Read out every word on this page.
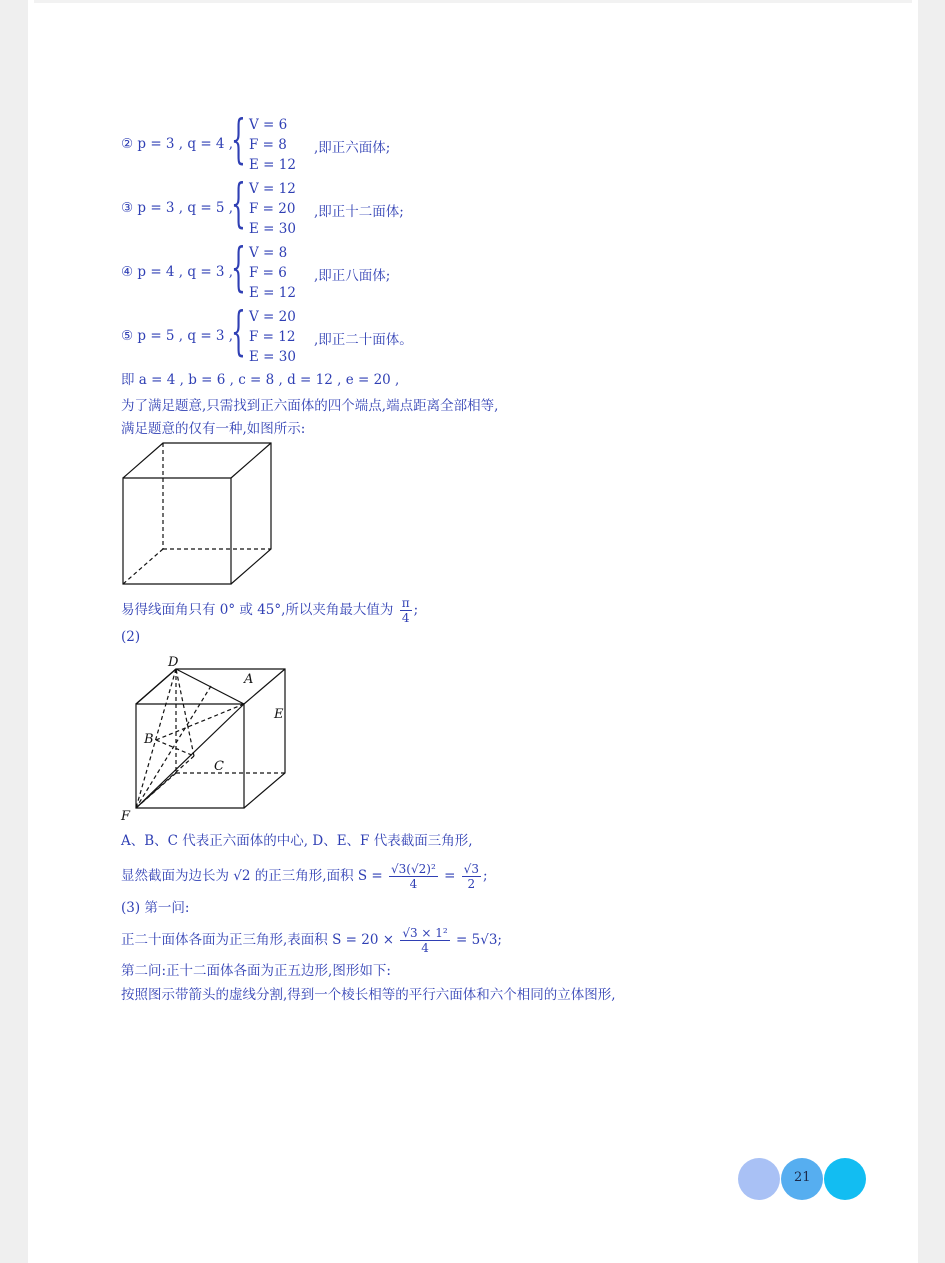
② p = 3 , q = 4 ,
{ V = 6
F = 8
E = 12
,即正六面体;
③ p = 3 , q = 5 ,
{ V = 12
F = 20
E = 30
,即正十二面体;
④ p = 4 , q = 3 ,
{ V = 8
F = 6
E = 12
,即正八面体;
⑤ p = 5 , q = 3 ,
{ V = 20
F = 12
E = 30
,即正二十面体。
即 a = 4 , b = 6 , c = 8 , d = 12 , e = 20 ,
为了满足题意,只需找到正六面体的四个端点,端点距离全部相等,
满足题意的仅有一种,如图所示:
易得线面角只有 0° 或 45°,所以夹角最大值为 $\frac{\pi}{4}$ ;
(2)
D
A
E
B
C
F
A、B、C 代表正六面体的中心, D、E、F 代表截面三角形,
显然截面为边长为 √2 的正三角形,面积 $S = \frac{\text{√3(√2)²}}{4} = \frac{√3}{2}$ ;
(3) 第一问:
正二十面体各面为正三角形,表面积 $S = 20 \times \frac{\text{√3 × 1²}}{4} = 5√3$;
第二问:正十二面体各面为正五边形,图形如下:
按照图示带箭头的虚线分割,得到一个棱长相等的平行六面体和六个相同的立体图形,
21
